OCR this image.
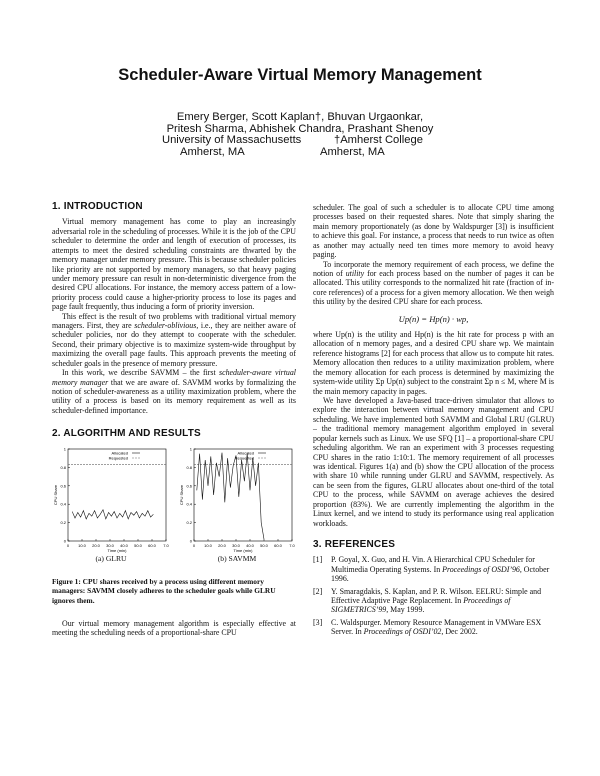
Scheduler-Aware Virtual Memory Management
Emery Berger, Scott Kaplan†, Bhuvan Urgaonkar,
Pritesh Sharma, Abhishek Chandra, Prashant Shenoy
University of Massachusetts	†Amherst College
Amherst, MA	Amherst, MA
1. INTRODUCTION

Virtual memory management has come to play an increasingly adversarial role in the scheduling of processes. While it is the job of the CPU scheduler to determine the order and length of execution of processes, its attempts to meet the desired scheduling constraints are thwarted by the memory manager under memory pressure. This is because scheduler policies like priority are not supported by memory managers, so that heavy paging under memory pressure can result in non-deterministic divergence from the desired CPU allocations. For instance, the memory access pattern of a low-priority process could cause a higher-priority process to lose its pages and page fault frequently, thus inducing a form of priority inversion.

This effect is the result of two problems with traditional virtual memory managers. First, they are scheduler-oblivious, i.e., they are neither aware of scheduler policies, nor do they attempt to cooperate with the scheduler. Second, their primary objective is to maximize system-wide throughput by maximizing the overall page faults. This approach prevents the meeting of scheduler goals in the presence of memory pressure.

In this work, we describe SAVMM – the first scheduler-aware virtual memory manager that we are aware of. SAVMM works by formalizing the notion of scheduler-awareness as a utility maximization problem, where the utility of a process is based on its memory requirement as well as its scheduler-defined importance.

2. ALGORITHM AND RESULTS
0
0.2
0.4
0.6
0.8
1
0 10.0 20.0 30.0 40.0 50.0 60.0 7.0
Time (min)
CPU Share
Allocated
Requested
(a) GLRU
0
0.2
0.4
0.6
0.8
1
0 10.0 20.0 30.0 40.0 50.0 60.0 7.0
Time (min)
CPU Share
Allocated
Requested
(b) SAVMM
Figure 1: CPU shares received by a process using different memory managers: SAVMM closely adheres to the scheduler goals while GLRU ignores them.

Our virtual memory management algorithm is especially effective at meeting the scheduling needs of a proportional-share CPU

scheduler. The goal of such a scheduler is to allocate CPU time among processes based on their requested shares. Note that simply sharing the main memory proportionately (as done by Waldspurger [3]) is insufficient to achieve this goal. For instance, a process that needs to run twice as often as another may actually need ten times more memory to avoid heavy paging.

To incorporate the memory requirement of each process, we define the notion of utility for each process based on the number of pages it can be allocated. This utility corresponds to the normalized hit rate (fraction of in-core references) of a process for a given memory allocation. We then weigh this utility by the desired CPU share for each process.

Up(n) = Hp(n) · wp,

where Up(n) is the utility and Hp(n) is the hit rate for process p with an allocation of n memory pages, and a desired CPU share wp. We maintain reference histograms [2] for each process that allow us to compute hit rates. Memory allocation then reduces to a utility maximization problem, where the memory allocation for each process is determined by maximizing the system-wide utility Σp Up(n) subject to the constraint Σp n ≤ M, where M is the main memory capacity in pages.

We have developed a Java-based trace-driven simulator that allows to explore the interaction between virtual memory management and CPU scheduling. We have implemented both SAVMM and Global LRU (GLRU) – the traditional memory management algorithm employed in several popular kernels such as Linux. We use SFQ [1] – a proportional-share CPU scheduling algorithm. We ran an experiment with 3 processes requesting CPU shares in the ratio 1:10:1. The memory requirement of all processes was identical. Figures 1(a) and (b) show the CPU allocation of the process with share 10 while running under GLRU and SAVMM, respectively. As can be seen from the figures, GLRU allocates about one-third of the total CPU to the process, while SAVMM on average achieves the desired proportion (83%). We are currently implementing the algorithm in the Linux kernel, and we intend to study its performance using real application workloads.

3. REFERENCES
[1] P. Goyal, X. Guo, and H. Vin. A Hierarchical CPU Scheduler for Multimedia Operating Systems. In Proceedings of OSDI’96, October 1996.
[2] Y. Smaragdakis, S. Kaplan, and P. R. Wilson. EELRU: Simple and Effective Adaptive Page Replacement. In Proceedings of SIGMETRICS’99, May 1999.
[3] C. Waldspurger. Memory Resource Management in VMWare ESX Server. In Proceedings of OSDI’02, Dec 2002.
